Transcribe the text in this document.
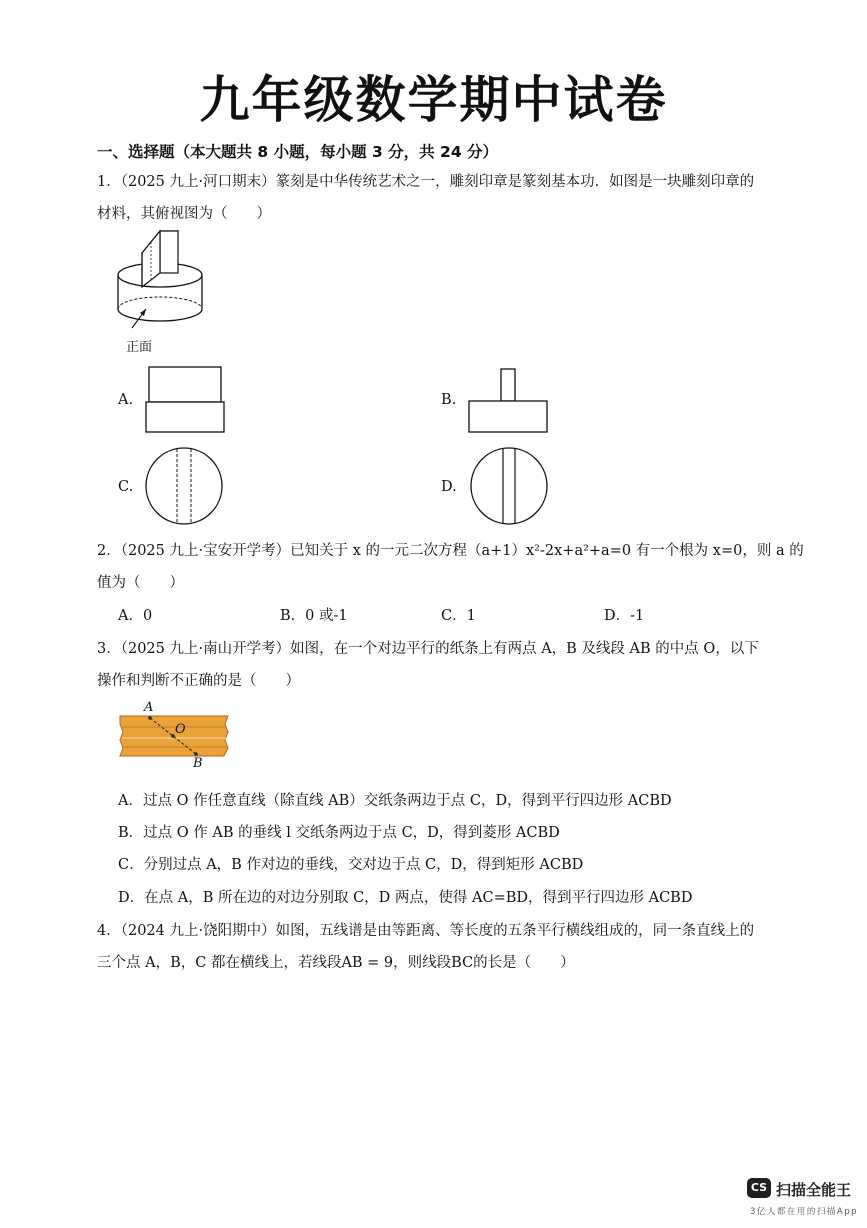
九年级数学期中试卷
一、选择题（本大题共 8 小题，每小题 3 分，共 24 分）
1．（2025 九上·河口期末）篆刻是中华传统艺术之一，雕刻印章是篆刻基本功．如图是一块雕刻印章的
材料，其俯视图为（　　）
正面
A.	B.
C.	D.
2．（2025 九上·宝安开学考）已知关于 x 的一元二次方程（a+1）x²-2x+a²+a=0 有一个根为 x=0，则 a 的
值为（　　）
A．0	B．0 或-1	C．1	D．-1
3．（2025 九上·南山开学考）如图，在一个对边平行的纸条上有两点 A，B 及线段 AB 的中点 O，以下
操作和判断不正确的是（　　）
A
O
B
A．过点 O 作任意直线（除直线 AB）交纸条两边于点 C，D，得到平行四边形 ACBD
B．过点 O 作 AB 的垂线 l 交纸条两边于点 C，D，得到菱形 ACBD
C．分别过点 A，B 作对边的垂线，交对边于点 C，D，得到矩形 ACBD
D．在点 A，B 所在边的对边分别取 C，D 两点，使得 AC=BD，得到平行四边形 ACBD
4．（2024 九上·饶阳期中）如图，五线谱是由等距离、等长度的五条平行横线组成的，同一条直线上的
三个点 A，B，C 都在横线上，若线段AB = 9，则线段BC的长是（　　）
CS 扫描全能王
3亿人都在用的扫描App
